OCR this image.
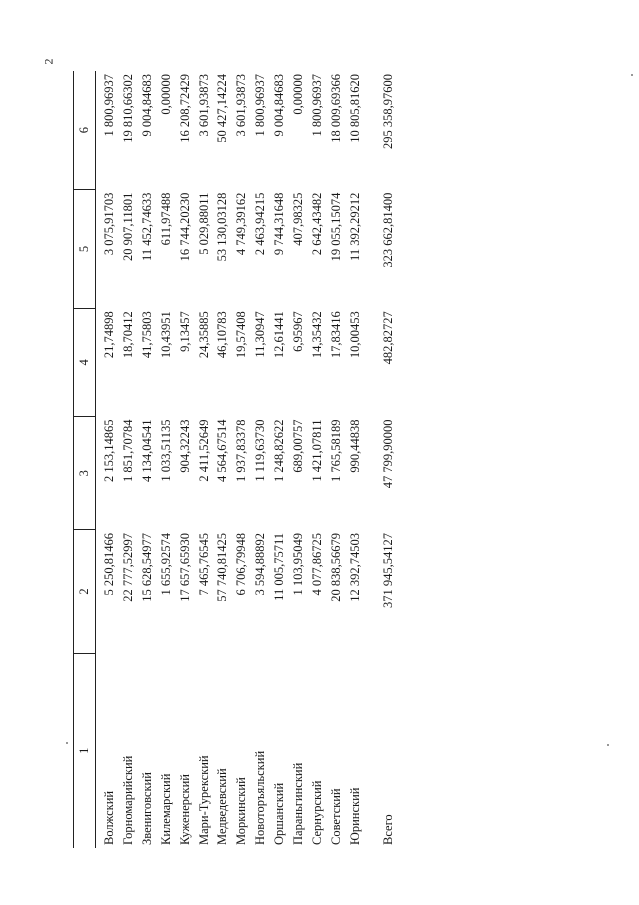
2
1	2	3	4	5	6
Волжский	5 250,81466	2 153,14865	21,74898	3 075,91703	1 800,96937
Горномарийский	22 777,52997	1 851,70784	18,70412	20 907,11801	19 810,66302
Звениговский	15 628,54977	4 134,04541	41,75803	11 452,74633	9 004,84683
Килемарский	1 655,92574	1 033,51135	10,43951	611,97488	0,00000
Куженерский	17 657,65930	904,32243	9,13457	16 744,20230	16 208,72429
Мари-Турекский	7 465,76545	2 411,52649	24,35885	5 029,88011	3 601,93873
Медведевский	57 740,81425	4 564,67514	46,10783	53 130,03128	50 427,14224
Моркинский	6 706,79948	1 937,83378	19,57408	4 749,39162	3 601,93873
Новоторъяльский	3 594,88892	1 119,63730	11,30947	2 463,94215	1 800,96937
Оршанский	11 005,75711	1 248,82622	12,61441	9 744,31648	9 004,84683
Параньгинский	1 103,95049	689,00757	6,95967	407,98325	0,00000
Сернурский	4 077,86725	1 421,07811	14,35432	2 642,43482	1 800,96937
Советский	20 838,56679	1 765,58189	17,83416	19 055,15074	18 009,69366
Юринский	12 392,74503	990,44838	10,00453	11 392,29212	10 805,81620

Всего	371 945,54127	47 799,90000	482,82727	323 662,81400	295 358,97600
